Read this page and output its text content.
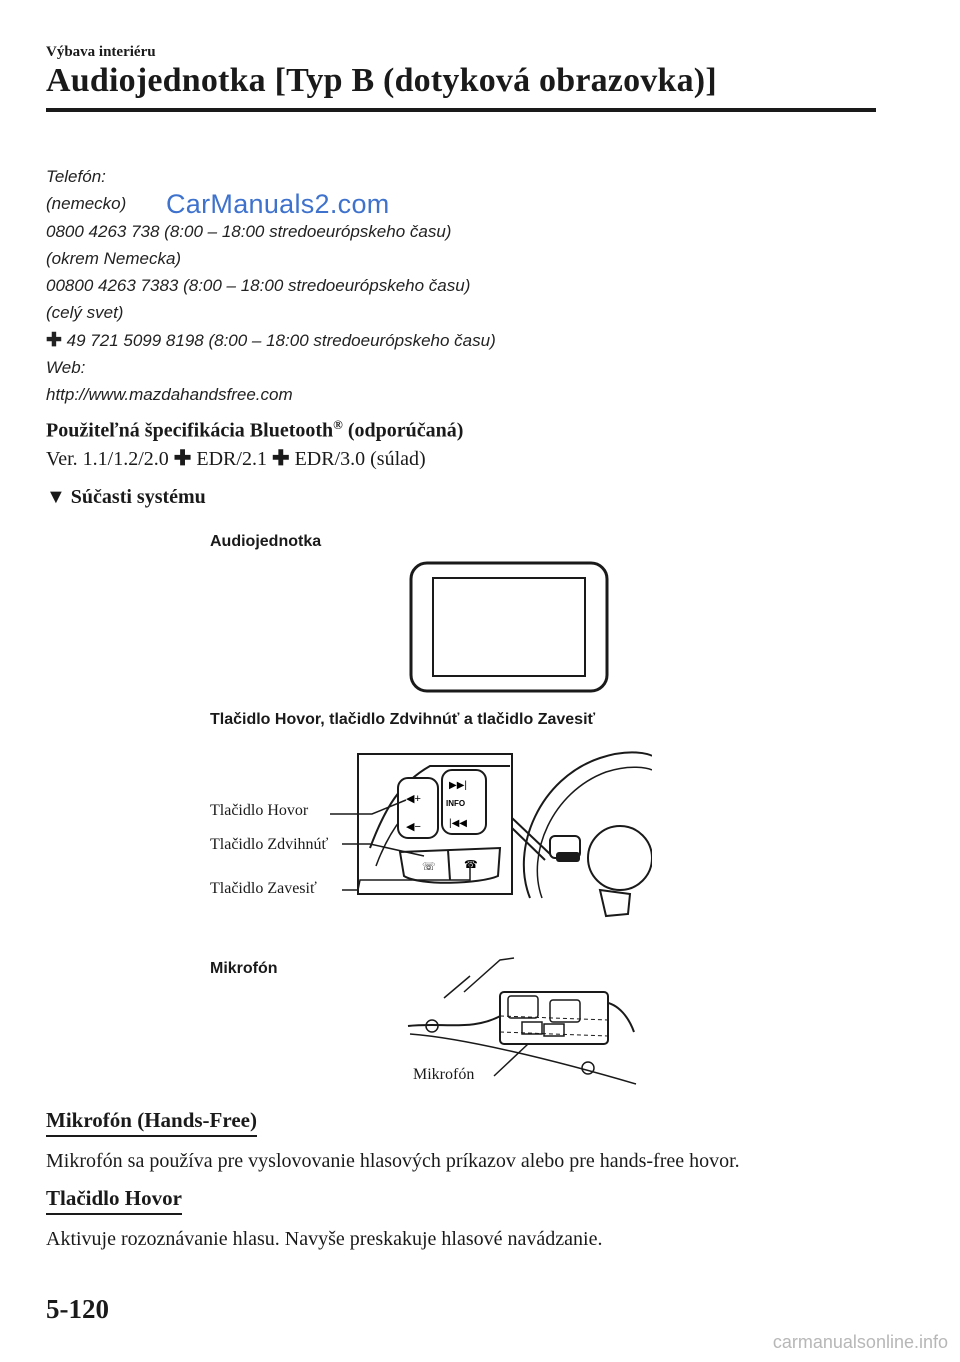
Výbava interiéru
Audiojednotka [Typ B (dotyková obrazovka)]
Telefón:
(nemecko)
0800 4263 738 (8:00 – 18:00 stredoeurópskeho času)
(okrem Nemecka)
00800 4263 7383 (8:00 – 18:00 stredoeurópskeho času)
(celý svet)
✚ 49 721 5099 8198 (8:00 – 18:00 stredoeurópskeho času)
Web:
http://www.mazdahandsfree.com
CarManuals2.com
Použiteľná špecifikácia Bluetooth® (odporúčaná)
Ver. 1.1/1.2/2.0 ✚ EDR/2.1 ✚ EDR/3.0 (súlad)
▼ Súčasti systému
Audiojednotka
Tlačidlo Hovor, tlačidlo Zdvihnúť a tlačidlo Zavesiť
◀+
◀−
▶▶|
INFO
|◀◀
☏	☎
Tlačidlo Hovor
Tlačidlo Zdvihnúť
Tlačidlo Zavesiť
Mikrofón
Mikrofón
Mikrofón (Hands-Free)
Mikrofón sa používa pre vyslovovanie hlasových príkazov alebo pre hands-free hovor.
Tlačidlo Hovor
Aktivuje rozoznávanie hlasu. Navyše preskakuje hlasové navádzanie.
5-120
carmanualsonline.info
